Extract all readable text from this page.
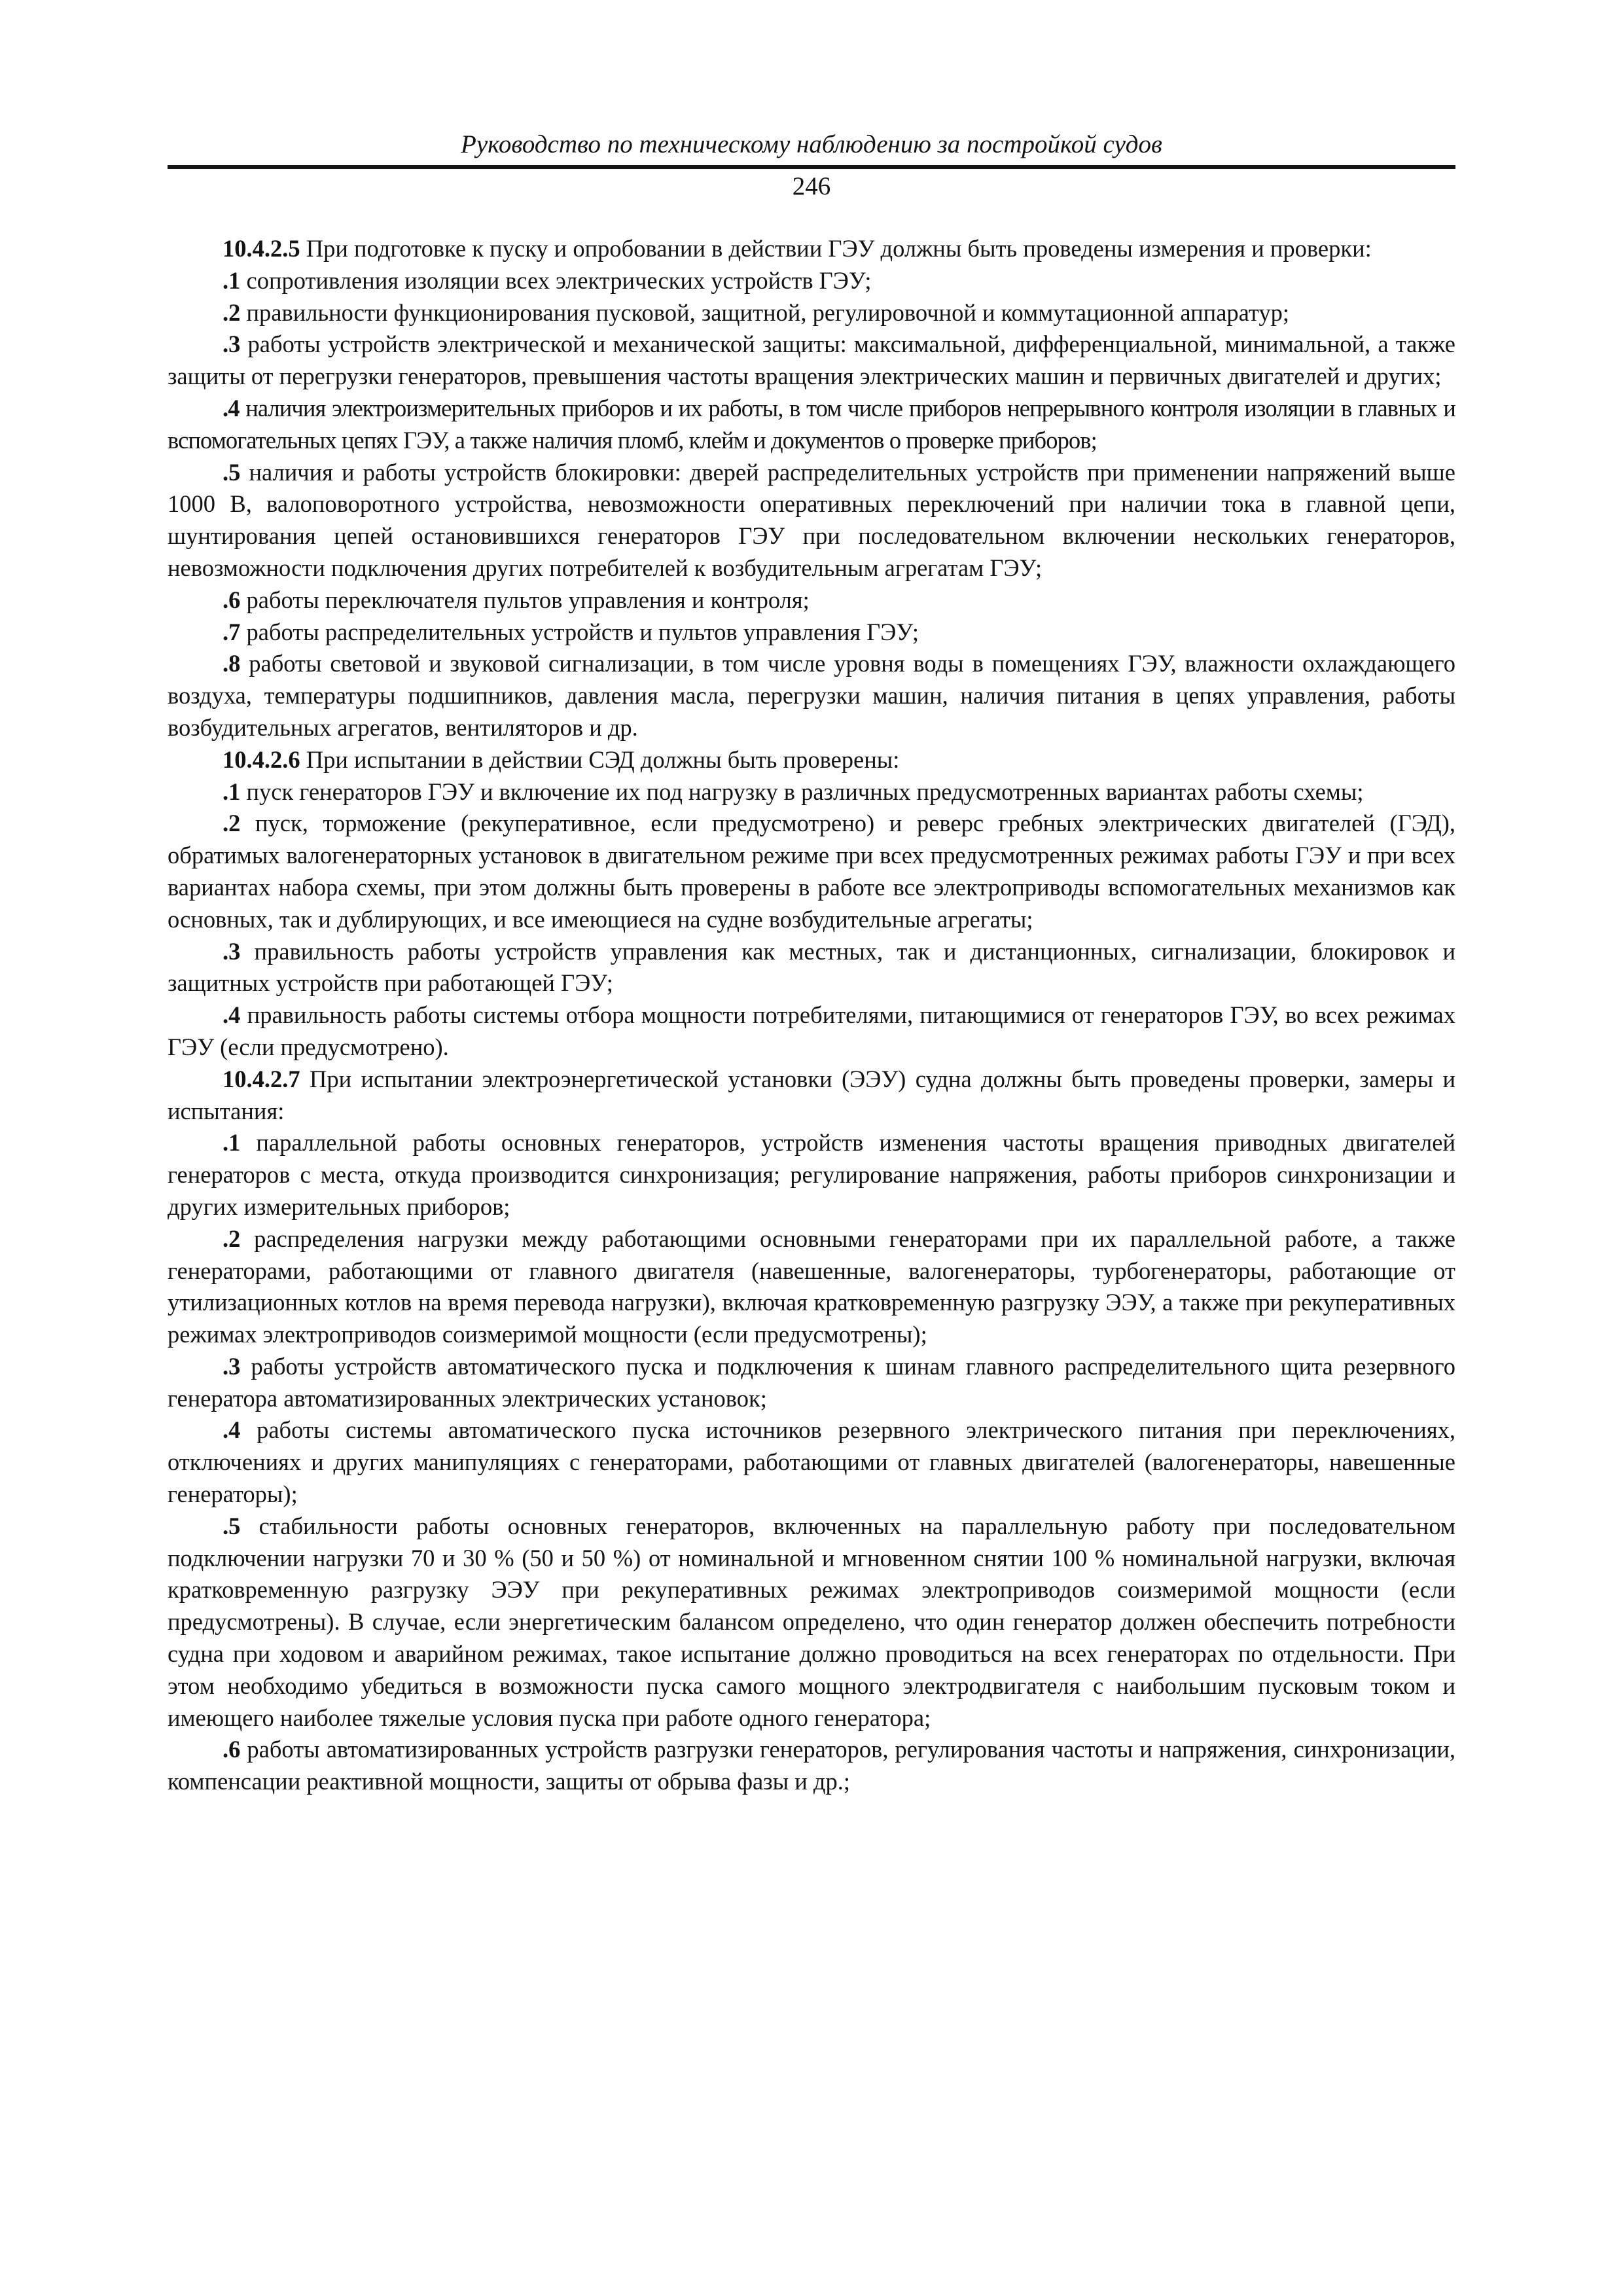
Руководство по техническому наблюдению за постройкой судов
246

10.4.2.5 При подготовке к пуску и опробовании в действии ГЭУ должны быть проведены измерения и проверки:

.1 сопротивления изоляции всех электрических устройств ГЭУ;

.2 правильности функционирования пусковой, защитной, регулировочной и коммутационной аппаратур;

.3 работы устройств электрической и механической защиты: максимальной, дифференциальной, минимальной, а также защиты от перегрузки генераторов, превышения частоты вращения электрических машин и первичных двигателей и других;

.4 наличия электроизмерительных приборов и их работы, в том числе приборов непрерывного контроля изоляции в главных и вспомогательных цепях ГЭУ, а также наличия пломб, клейм и документов о проверке приборов;

.5 наличия и работы устройств блокировки: дверей распределительных устройств при применении напряжений выше 1000 В, валоповоротного устройства, невозможности оперативных переключений при наличии тока в главной цепи, шунтирования цепей остановившихся генераторов ГЭУ при последовательном включении нескольких генераторов, невозможности подключения других потребителей к возбудительным агрегатам ГЭУ;

.6 работы переключателя пультов управления и контроля;

.7 работы распределительных устройств и пультов управления ГЭУ;

.8 работы световой и звуковой сигнализации, в том числе уровня воды в помещениях ГЭУ, влажности охлаждающего воздуха, температуры подшипников, давления масла, перегрузки машин, наличия питания в цепях управления, работы возбудительных агрегатов, вентиляторов и др.

10.4.2.6 При испытании в действии СЭД должны быть проверены:

.1 пуск генераторов ГЭУ и включение их под нагрузку в различных предусмотренных вариантах работы схемы;

.2 пуск, торможение (рекуперативное, если предусмотрено) и реверс гребных электрических двигателей (ГЭД), обратимых валогенераторных установок в двигательном режиме при всех предусмотренных режимах работы ГЭУ и при всех вариантах набора схемы, при этом должны быть проверены в работе все электроприводы вспомогательных механизмов как основных, так и дублирующих, и все имеющиеся на судне возбудительные агрегаты;

.3 правильность работы устройств управления как местных, так и дистанционных, сигнализации, блокировок и защитных устройств при работающей ГЭУ;

.4 правильность работы системы отбора мощности потребителями, питающимися от генераторов ГЭУ, во всех режимах ГЭУ (если предусмотрено).

10.4.2.7 При испытании электроэнергетической установки (ЭЭУ) судна должны быть проведены проверки, замеры и испытания:

.1 параллельной работы основных генераторов, устройств изменения частоты вращения приводных двигателей генераторов с места, откуда производится синхронизация; регулирование напряжения, работы приборов синхронизации и других измерительных приборов;

.2 распределения нагрузки между работающими основными генераторами при их параллельной работе, а также генераторами, работающими от главного двигателя (навешенные, валогенераторы, турбогенераторы, работающие от утилизационных котлов на время перевода нагрузки), включая кратковременную разгрузку ЭЭУ, а также при рекуперативных режимах электроприводов соизмеримой мощности (если предусмотрены);

.3 работы устройств автоматического пуска и подключения к шинам главного распределительного щита резервного генератора автоматизированных электрических установок;

.4 работы системы автоматического пуска источников резервного электрического питания при переключениях, отключениях и других манипуляциях с генераторами, работающими от главных двигателей (валогенераторы, навешенные генераторы);

.5 стабильности работы основных генераторов, включенных на параллельную работу при последовательном подключении нагрузки 70 и 30 % (50 и 50 %) от номинальной и мгновенном снятии 100 % номинальной нагрузки, включая кратковременную разгрузку ЭЭУ при рекуперативных режимах электроприводов соизмеримой мощности (если предусмотрены). В случае, если энергетическим балансом определено, что один генератор должен обеспечить потребности судна при ходовом и аварийном режимах, такое испытание должно проводиться на всех генераторах по отдельности. При этом необходимо убедиться в возможности пуска самого мощного электродвигателя с наибольшим пусковым током и имеющего наиболее тяжелые условия пуска при работе одного генератора;

.6 работы автоматизированных устройств разгрузки генераторов, регулирования частоты и напряжения, синхронизации, компенсации реактивной мощности, защиты от обрыва фазы и др.;
